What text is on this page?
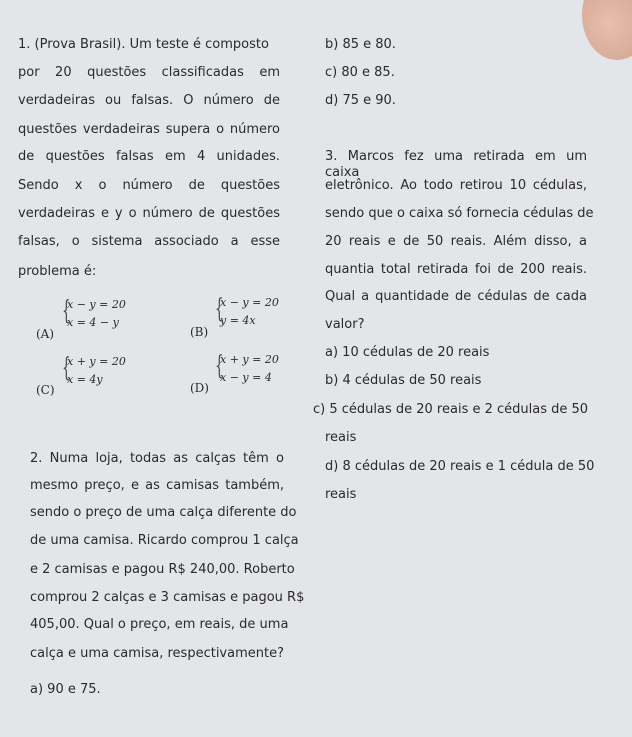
1. (Prova Brasil). Um teste é composto
por 20 questões classificadas em
verdadeiras ou falsas. O número de
questões verdadeiras supera o número
de questões falsas em 4 unidades.
Sendo x o número de questões
verdadeiras e y o número de questões
falsas, o sistema associado a esse
problema é:
(A)
{
x − y = 20
x = 4 − y
(B)
{
x − y = 20
y = 4x
(C)
{
x + y = 20
x = 4y
(D)
{
x + y = 20
x − y = 4
2. Numa loja, todas as calças têm o
mesmo preço, e as camisas também,
sendo o preço de uma calça diferente do
de uma camisa. Ricardo comprou 1 calça
e 2 camisas e pagou R$ 240,00. Roberto
comprou 2 calças e 3 camisas e pagou R$
405,00. Qual o preço, em reais, de uma
calça e uma camisa, respectivamente?
a) 90 e 75.
b) 85 e 80.
c) 80 e 85.
d) 75 e 90.
3. Marcos fez uma retirada em um caixa
eletrônico. Ao todo retirou 10 cédulas,
sendo que o caixa só fornecia cédulas de
20 reais e de 50 reais. Além disso, a
quantia total retirada foi de 200 reais.
Qual a quantidade de cédulas de cada
valor?
a) 10 cédulas de 20 reais
b) 4 cédulas de 50 reais
c) 5 cédulas de 20 reais e 2 cédulas de 50
reais
d) 8 cédulas de 20 reais e 1 cédula de 50
reais
